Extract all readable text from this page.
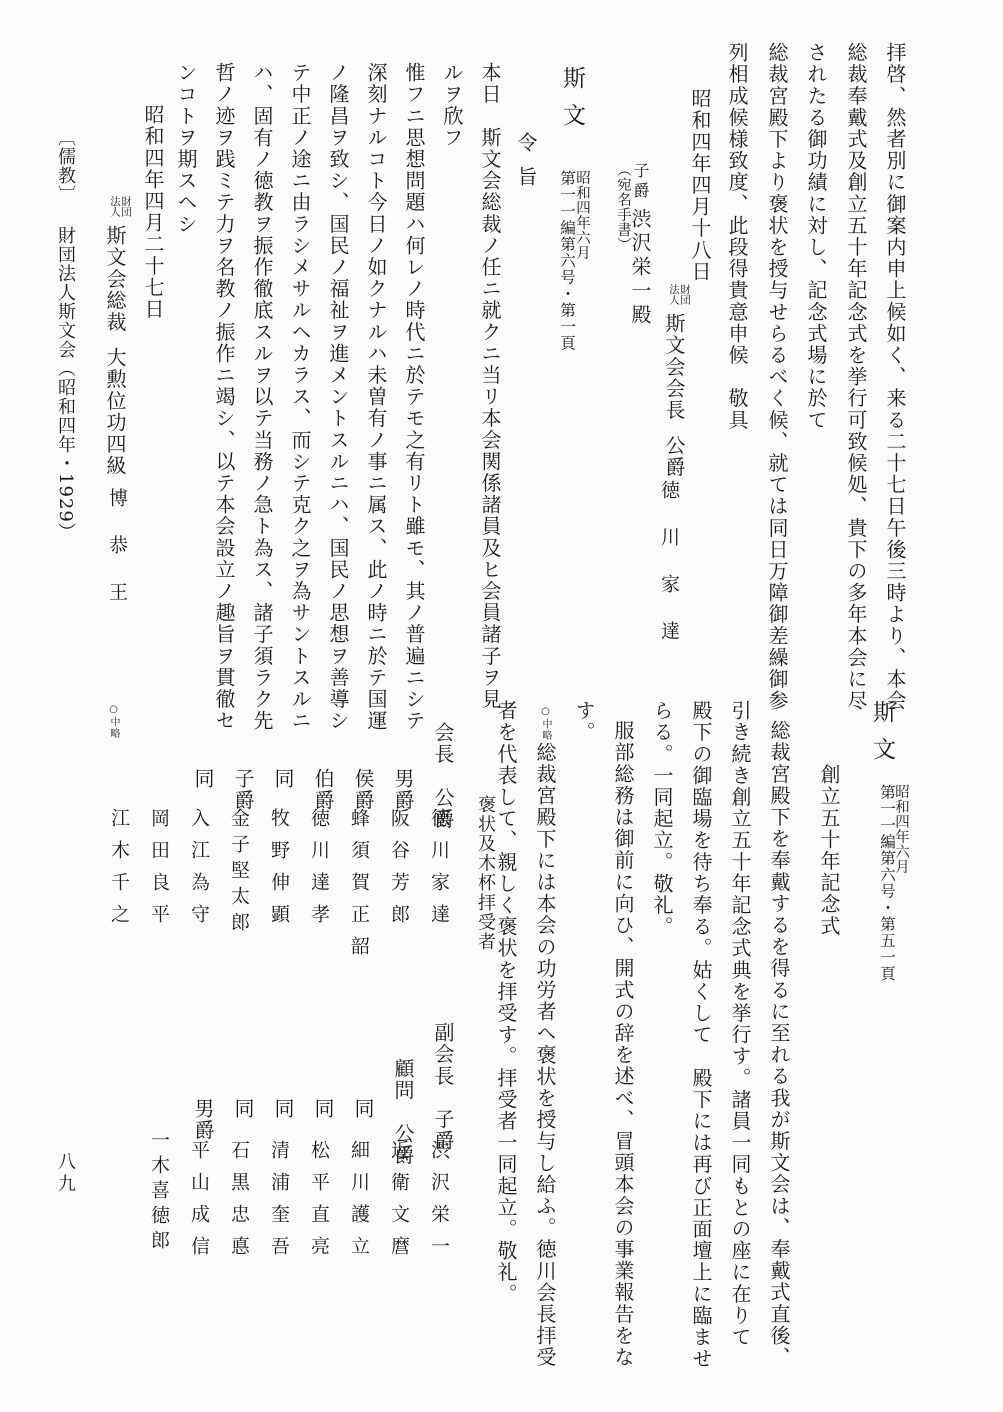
拝啓、然者別に御案内申上候如く、来る二十七日午後三時より、本会
総裁奉戴式及創立五十年記念式を挙行可致候処、貴下の多年本会に尽
されたる御功績に対し、記念式場に於て
総裁宮殿下より褒状を授与せらるべく候、就ては同日万障御差繰御参
列相成候様致度、此段得貴意申候　敬具
昭和四年四月十八日
財団
法人 斯文会会長公爵
徳川家達
（宛名手書） 子爵渋沢栄一殿
斯文
第一一編第六号・第一頁
昭和四年六月
令旨
本日　斯文会総裁ノ任ニ就クニ当リ本会関係諸員及ヒ会員諸子ヲ見
ルヲ欣フ
惟フニ思想問題ハ何レノ時代ニ於テモ之有リト雖モ、其ノ普遍ニシテ
深刻ナルコト今日ノ如クナルハ未曽有ノ事ニ属ス、此ノ時ニ於テ国運
ノ隆昌ヲ致シ、国民ノ福祉ヲ進メントスルニハ、国民ノ思想ヲ善導シ
テ中正ノ途ニ由ラシメサルヘカラス、而シテ克ク之ヲ為サントスルニ
ハ、固有ノ徳教ヲ振作徹底スルヲ以テ当務ノ急ト為ス、諸子須ラク先
哲ノ迹ヲ践ミテ力ヲ名教ノ振作ニ竭シ、以テ本会設立ノ趣旨ヲ貫徹セ
ンコトヲ期スヘシ
昭和四年四月二十七日
財団
法人 斯文会総裁大勲位功四級
博恭王
斯文
第一一編第六号・第五一頁
昭和四年六月
創立五十年記念式
総裁宮殿下を奉戴するを得るに至れる我が斯文会は、奉戴式直後、
引き続き創立五十年記念式典を挙行す。諸員一同もとの座に在りて
殿下の御臨場を待ち奉る。姑くして　殿下には再び正面壇上に臨ませ
らる。一同起立。敬礼。
服部総務は御前に向ひ、開式の辞を述べ、冒頭本会の事業報告をな
す。
○中略総裁宮殿下には本会の功労者へ褒状を授与し給ふ。徳川会長拝受
者を代表して、親しく褒状を拝受す。拝受者一同起立。敬礼。
褒状及木杯拝受者
会長　公爵
徳川家達
男爵
阪谷芳郎
侯爵
蜂須賀正韶
伯爵
徳川達孝
同
牧野伸顕
子爵
金子堅太郎
同
入江為守
岡田良平
江木千之
副会長　子爵
渋沢栄一
顧問　公爵
近衛文麿
同
細川護立
同
松平直亮
同
清浦奎吾
同
石黒忠悳
男爵
平山成信
一木喜徳郎
○中略
〔儒教〕
財団法人斯文会（昭和四年・1929）
八九
